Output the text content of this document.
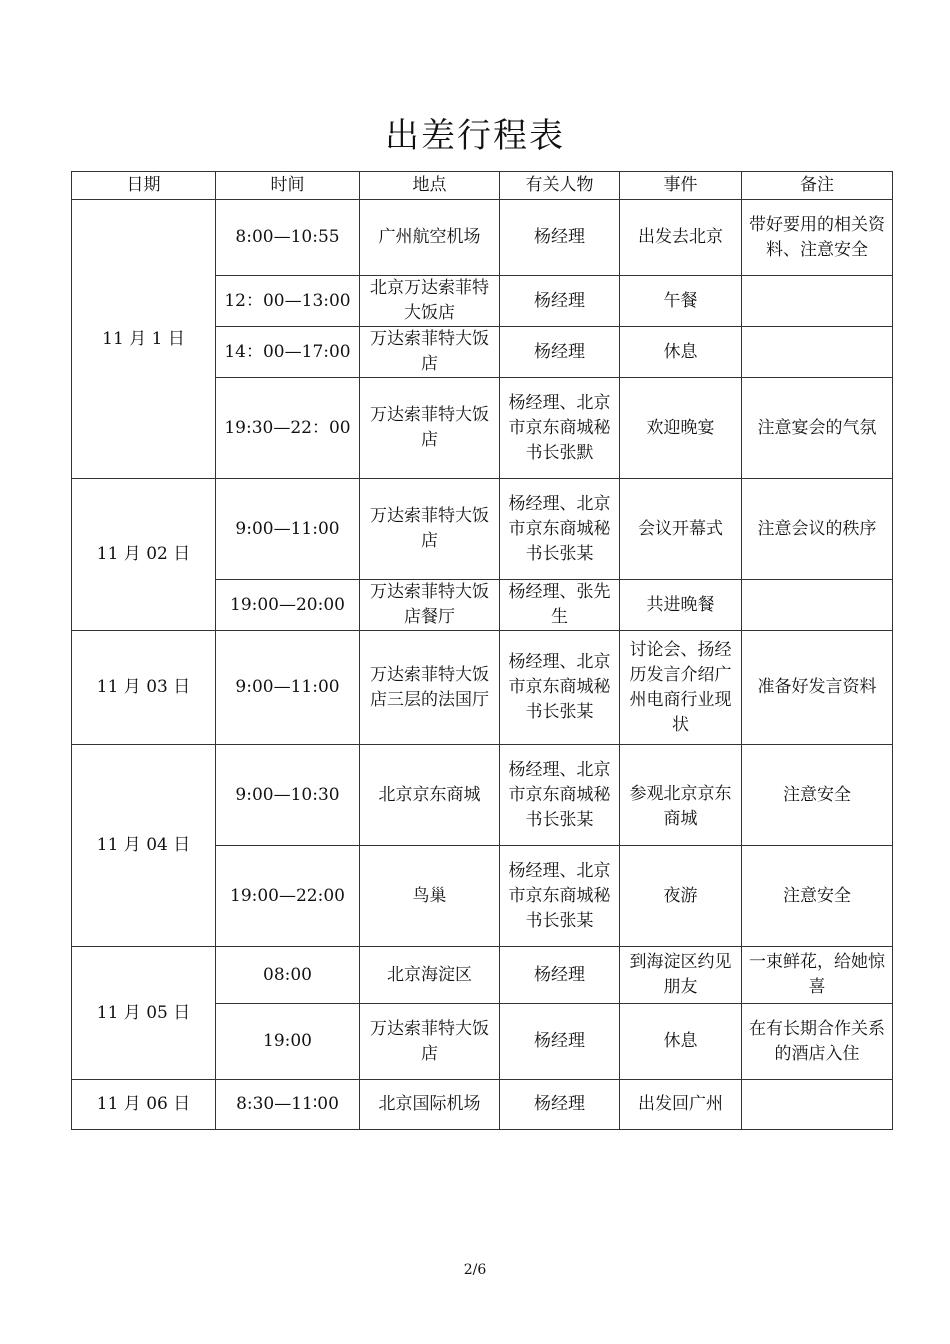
出差行程表
日期	时间	地点	有关人物	事件	备注
11 月 1 日	8:00—10:55	广州航空机场	杨经理	出发去北京	带好要用的相关资料、注意安全
	12：00—13:00	北京万达索菲特大饭店	杨经理	午餐	
	14：00—17:00	万达索菲特大饭店	杨经理	休息	
	19:30—22：00	万达索菲特大饭店	杨经理、北京市京东商城秘书长张默	欢迎晚宴	注意宴会的气氛
11 月 02 日	9:00—11:00	万达索菲特大饭店	杨经理、北京市京东商城秘书长张某	会议开幕式	注意会议的秩序
	19:00—20:00	万达索菲特大饭店餐厅	杨经理、张先生	共进晚餐	
11 月 03 日	9:00—11:00	万达索菲特大饭店三层的法国厅	杨经理、北京市京东商城秘书长张某	讨论会、扬经历发言介绍广州电商行业现状	准备好发言资料
11 月 04 日	9:00—10:30	北京京东商城	杨经理、北京市京东商城秘书长张某	参观北京京东商城	注意安全
	19:00—22:00	鸟巢	杨经理、北京市京东商城秘书长张某	夜游	注意安全
11 月 05 日	08:00	北京海淀区	杨经理	到海淀区约见朋友	一束鲜花，给她惊喜
	19:00	万达索菲特大饭店	杨经理	休息	在有长期合作关系的酒店入住
11 月 06 日	8:30—11∶00	北京国际机场	杨经理	出发回广州	
2/6
